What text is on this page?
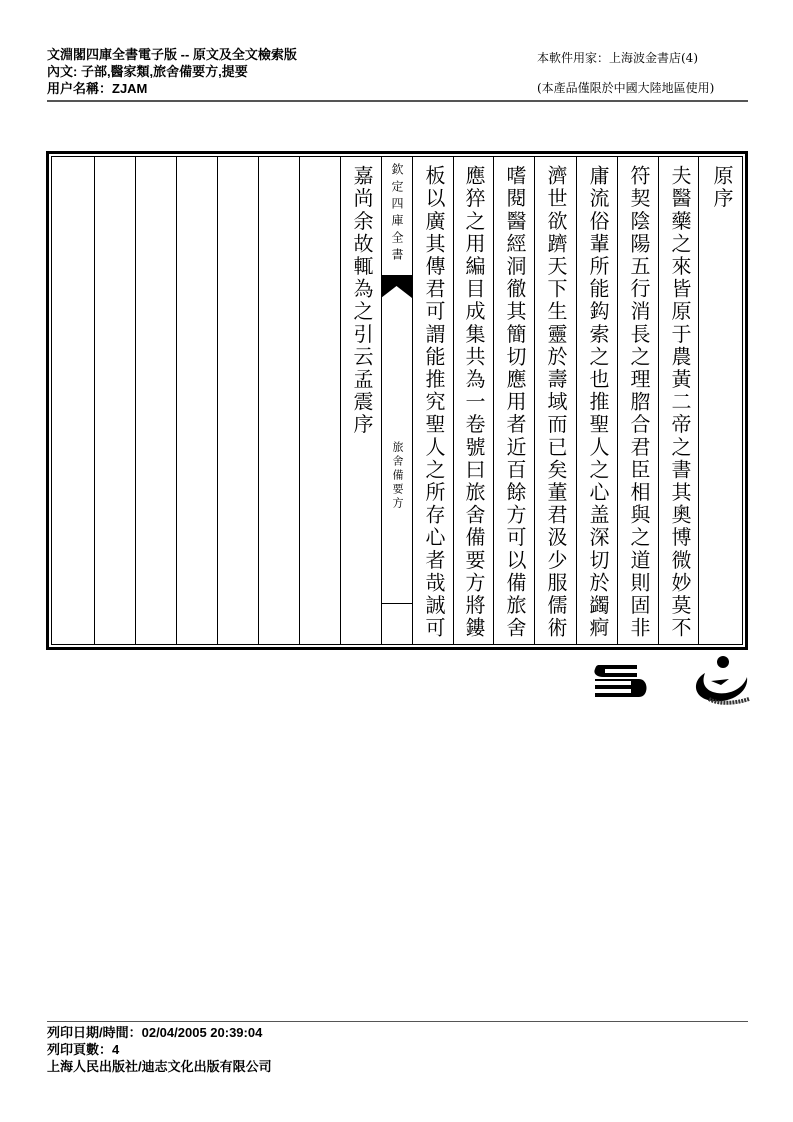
文淵閣四庫全書電子版 -- 原文及全文檢索版
內文: 子部,醫家類,旅舍備要方,提要
用户名稱：ZJAM
本軟件用家：上海波金書店(4)
(本產品僅限於中國大陸地區使用)
原序
夫醫藥之來皆原于農黃二帝之書其奧博微妙莫不
符契陰陽五行消長之理脗合君臣相與之道則固非
庸流俗輩所能鈎索之也推聖人之心盖深切於蠲痾
濟世欲躋天下生靈於壽域而已矣董君汲少服儒術
嗜閱醫經洞徹其簡切應用者近百餘方可以備旅舍
應猝之用編目成集共為一卷號曰旅舍備要方將鏤
板以廣其傳君可謂能推究聖人之所存心者哉誠可
欽定四庫全書
旅舍備要方
嘉尚余故輒為之引云孟震序
列印日期/時間：02/04/2005 20:39:04
列印頁數：4
上海人民出版社/迪志文化出版有限公司
